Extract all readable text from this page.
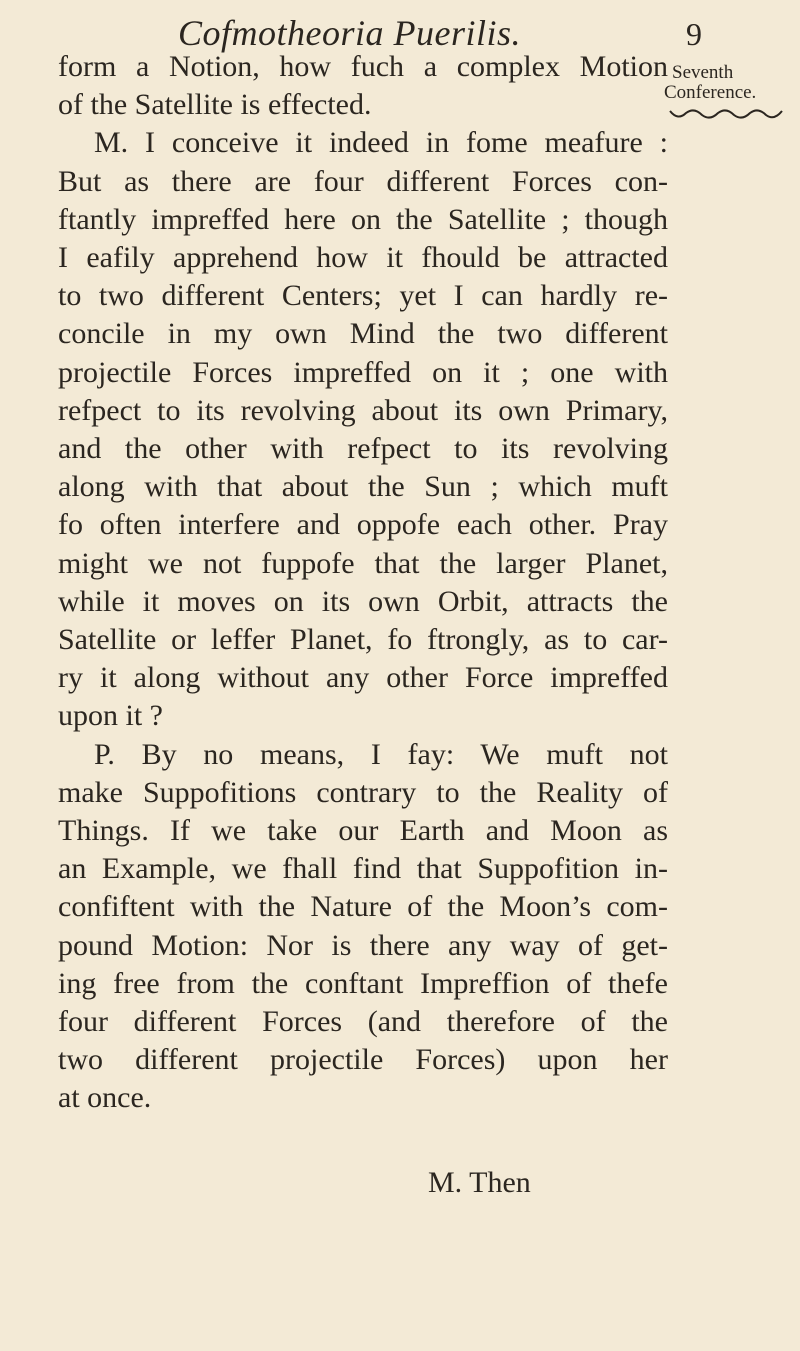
Cofmotheoria Puerilis.	9
Seventh
Conference.
form a Notion, how fuch a complex Motion
of the Satellite is effected.
M. I conceive it indeed in fome meafure :
But as there are four different Forces con-
ftantly impreffed here on the Satellite ; though
I eafily apprehend how it fhould be attracted
to two different Centers; yet I can hardly re-
concile in my own Mind the two different
projectile Forces impreffed on it ; one with
refpect to its revolving about its own Primary,
and the other with refpect to its revolving
along with that about the Sun ; which muft
fo often interfere and oppofe each other. Pray
might we not fuppofe that the larger Planet,
while it moves on its own Orbit, attracts the
Satellite or leffer Planet, fo ftrongly, as to car-
ry it along without any other Force impreffed
upon it ?
P. By no means, I fay: We muft not
make Suppofitions contrary to the Reality of
Things. If we take our Earth and Moon as
an Example, we fhall find that Suppofition in-
confiftent with the Nature of the Moon’s com-
pound Motion: Nor is there any way of get-
ing free from the conftant Impreffion of thefe
four different Forces (and therefore of the
two different projectile Forces) upon her
at once.
M. Then
